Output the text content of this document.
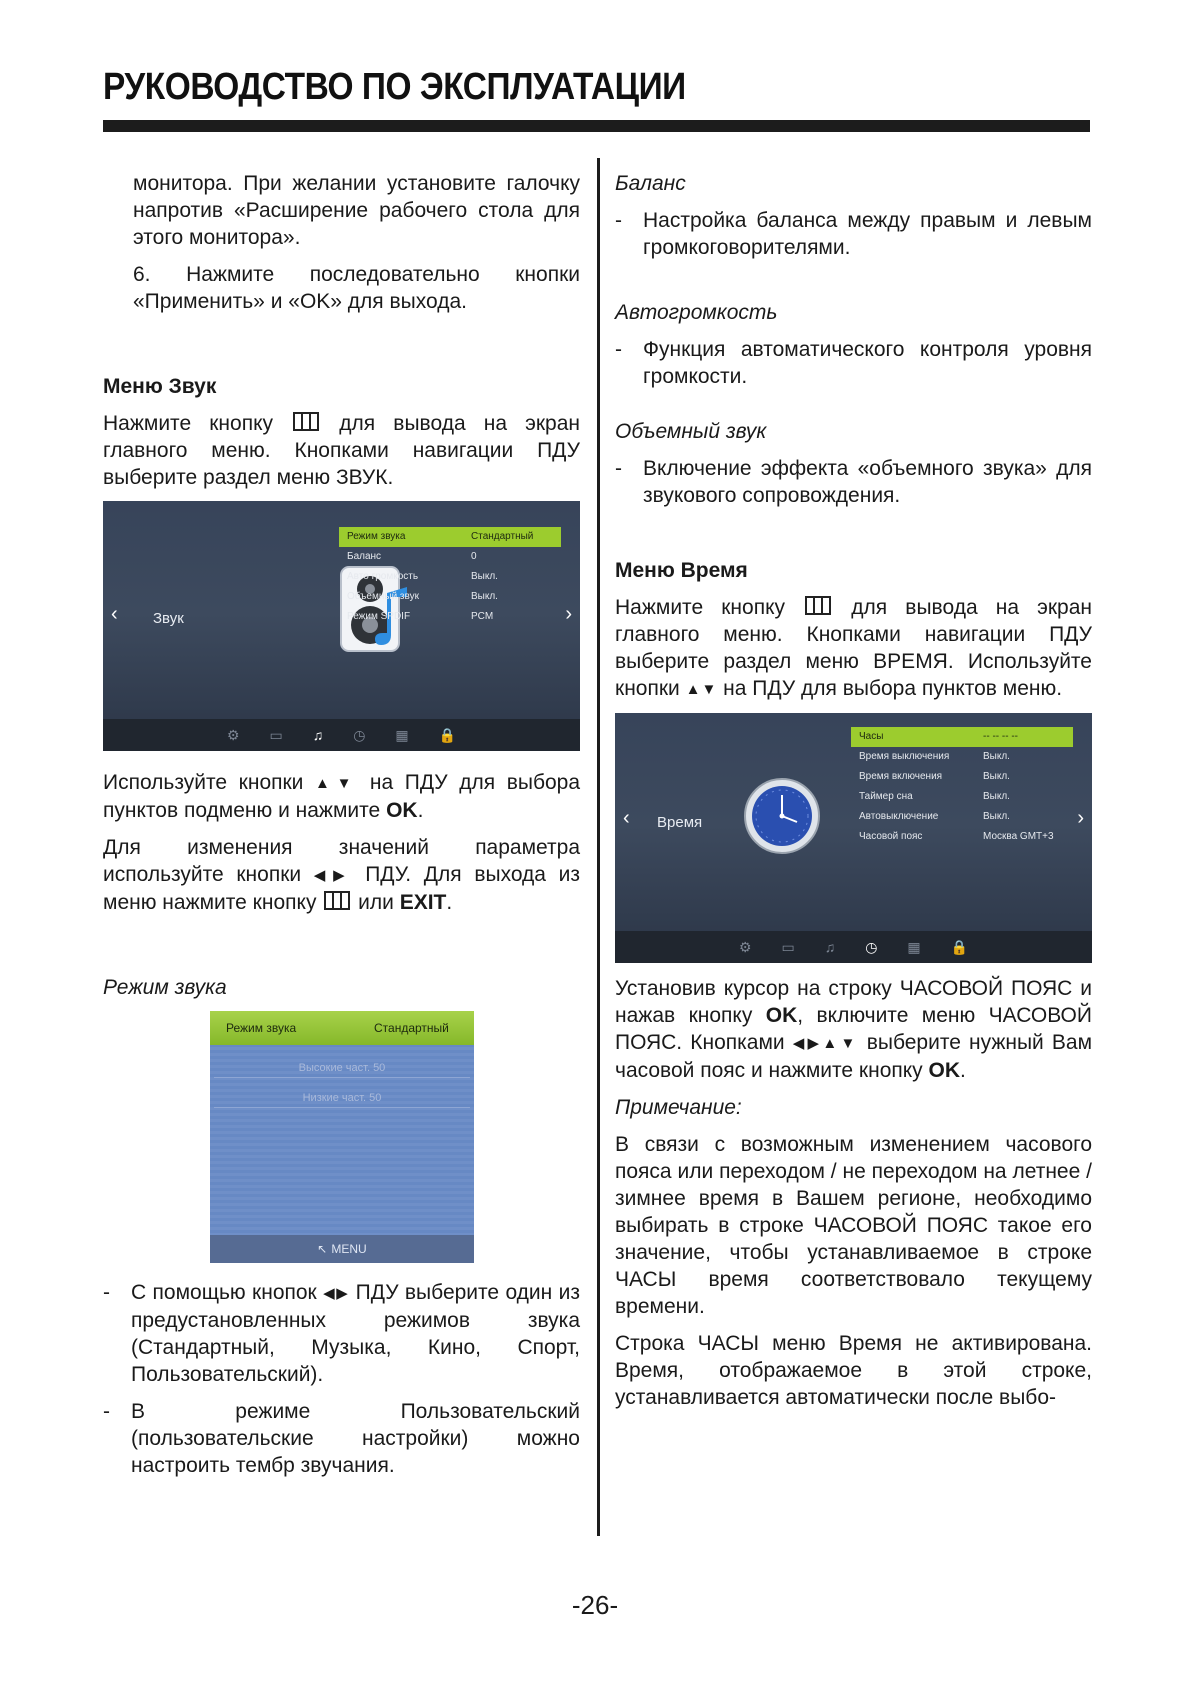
РУКОВОДСТВО ПО ЭКСПЛУАТАЦИИ

монитора. При желании установите галочку напротив «Расширение рабочего стола для этого монитора».

6. Нажмите последовательно кнопки «Применить» и «OK» для выхода.

Меню Звук

Нажмите кнопку	для вывода на экран главного меню. Кнопками навигации ПДУ выберите раздел меню ЗВУК.

‹ Звук
Режим звука	Стандартный
Баланс	0
Авто громкость	Выкл.
Объемный звук	Выкл.
Режим SPDIF	PCM	›
⚙ ▭ ♫ ◷ ▦ 🔒

Используйте кнопки ▲▼ на ПДУ для выбора пунктов подменю и нажмите OK.

Для изменения значений параметра используйте кнопки ◀▶ ПДУ. Для выхода из меню нажмите кнопку или EXIT.

Режим звука
Режим звука	Стандартный
Высокие част. 50
Низкие част. 50
↖ MENU
- С помощью кнопок ◀▶ ПДУ выберите один из предустановленных режимов звука (Стандартный, Музыка, Кино, Спорт, Пользовательский).
- В режиме Пользовательский (пользовательские настройки) можно настроить тембр звучания.
Баланс
- Настройка баланса между правым и левым громкоговорителями.
Автогромкость
- Функция автоматического контроля уровня громкости.
Объемный звук
- Включение эффекта «объемного звука» для звукового сопровождения.
Меню Время

Нажмите кнопку	для вывода на экран главного меню. Кнопками навигации ПДУ выберите раздел меню ВРЕМЯ. Используйте кнопки ▲▼ на ПДУ для выбора пунктов меню.

‹ Время
Часы	-- -- -- --
Время выключения	Выкл.
Время включения	Выкл.
Таймер сна	Выкл.
Автовыключение	Выкл.
Часовой пояс	Москва GMT+3
›
⚙ ▭ ♫ ◷ ▦ 🔒

Установив курсор на строку ЧАСОВОЙ ПОЯС и нажав кнопку OK, включите меню ЧАСОВОЙ ПОЯС. Кнопками ◀▶▲▼ выберите нужный Вам часовой пояс и нажмите кнопку OK.

Примечание:

В связи с возможным изменением часового пояса или переходом / не переходом на летнее / зимнее время в Вашем регионе, необходимо выбирать в строке ЧАСОВОЙ ПОЯС такое его значение, чтобы устанавливаемое в строке ЧАСЫ время соответствовало текущему времени.

Строка ЧАСЫ меню Время не активирована. Время, отображаемое в этой строке, устанавливается автоматически после выбо-

-26-
